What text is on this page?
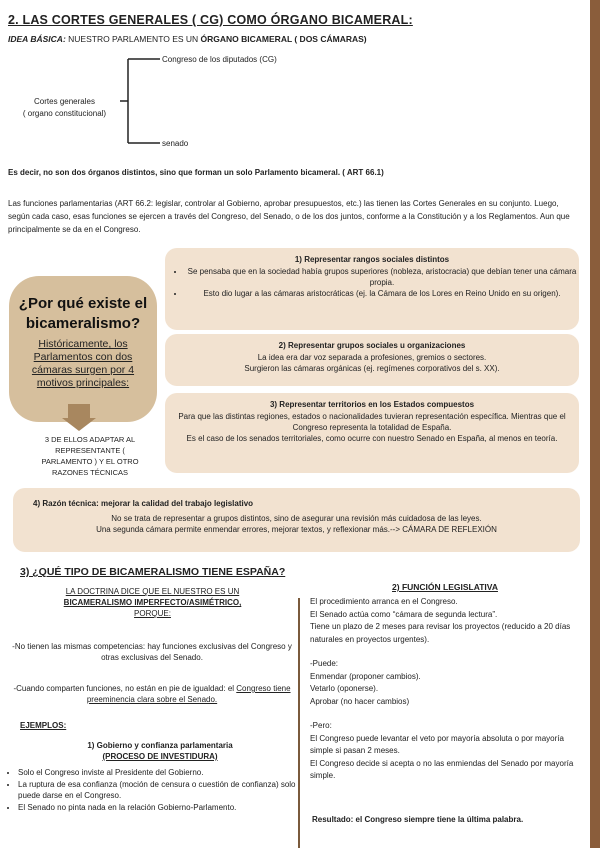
2. LAS CORTES GENERALES ( CG) COMO ÓRGANO BICAMERAL:
IDEA BÁSICA: NUESTRO PARLAMENTO ES UN ÓRGANO BICAMERAL ( DOS CÁMARAS)
Congreso de los diputados (CG)
senado
Cortes generales
( organo constitucional)
Es decir, no son dos órganos distintos, sino que forman un solo Parlamento bicameral. ( ART 66.1)
Las funciones parlamentarias (ART 66.2: legislar, controlar al Gobierno, aprobar presupuestos, etc.) las tienen las Cortes Generales en su conjunto. Luego, según cada caso, esas funciones se ejercen a través del Congreso, del Senado, o de los dos juntos, conforme a la Constitución y a los Reglamentos. Aun que principalmente se da en el Congreso.
¿Por qué existe el
bicameralismo?
Históricamente, los
Parlamentos con dos
cámaras surgen por 4
motivos principales:
3 DE ELLOS ADAPTAR AL
REPRESENTANTE (
PARLAMENTO ) Y EL OTRO
RAZONES TÉCNICAS
1) Representar rangos sociales distintos
• Se pensaba que en la sociedad había grupos superiores (nobleza, aristocracia) que debían tener una cámara propia.
• Esto dio lugar a las cámaras aristocráticas (ej. la Cámara de los Lores en Reino Unido en su origen).
2) Representar grupos sociales u organizaciones
La idea era dar voz separada a profesiones, gremios o sectores.
Surgieron las cámaras orgánicas (ej. regímenes corporativos del s. XX).
3) Representar territorios en los Estados compuestos
Para que las distintas regiones, estados o nacionalidades tuvieran representación específica. Mientras que el Congreso representa la totalidad de España.
Es el caso de los senados territoriales, como ocurre con nuestro Senado en España, al menos en teoría.
4) Razón técnica: mejorar la calidad del trabajo legislativo
No se trata de representar a grupos distintos, sino de asegurar una revisión más cuidadosa de las leyes.
Una segunda cámara permite enmendar errores, mejorar textos, y reflexionar más.--> CÁMARA DE REFLEXIÓN
3) ¿QUÉ TIPO DE BICAMERALISMO TIENE ESPAÑA?
LA DOCTRINA DICE QUE EL NUESTRO ES UN
BICAMERALISMO IMPERFECTO/ASIMÉTRICO,
PORQUE:
-No tienen las mismas competencias: hay funciones exclusivas del Congreso y otras exclusivas del Senado.
-Cuando comparten funciones, no están en pie de igualdad: el Congreso tiene preeminencia clara sobre el Senado.
EJEMPLOS:
1) Gobierno y confianza parlamentaria
(PROCESO DE INVESTIDURA)
• Solo el Congreso inviste al Presidente del Gobierno.
• La ruptura de esa confianza (moción de censura o cuestión de confianza) solo puede darse en el Congreso.
• El Senado no pinta nada en la relación Gobierno-Parlamento.
2) FUNCIÓN LEGISLATIVA
El procedimiento arranca en el Congreso.
El Senado actúa como “cámara de segunda lectura”.
Tiene un plazo de 2 meses para revisar los proyectos (reducido a 20 días naturales en proyectos urgentes).
-Puede:
Enmendar (proponer cambios).
Vetarlo (oponerse).
Aprobar (no hacer cambios)
-Pero:
El Congreso puede levantar el veto por mayoría absoluta o por mayoría simple si pasan 2 meses.
El Congreso decide si acepta o no las enmiendas del Senado por mayoría simple.
Resultado: el Congreso siempre tiene la última palabra.
